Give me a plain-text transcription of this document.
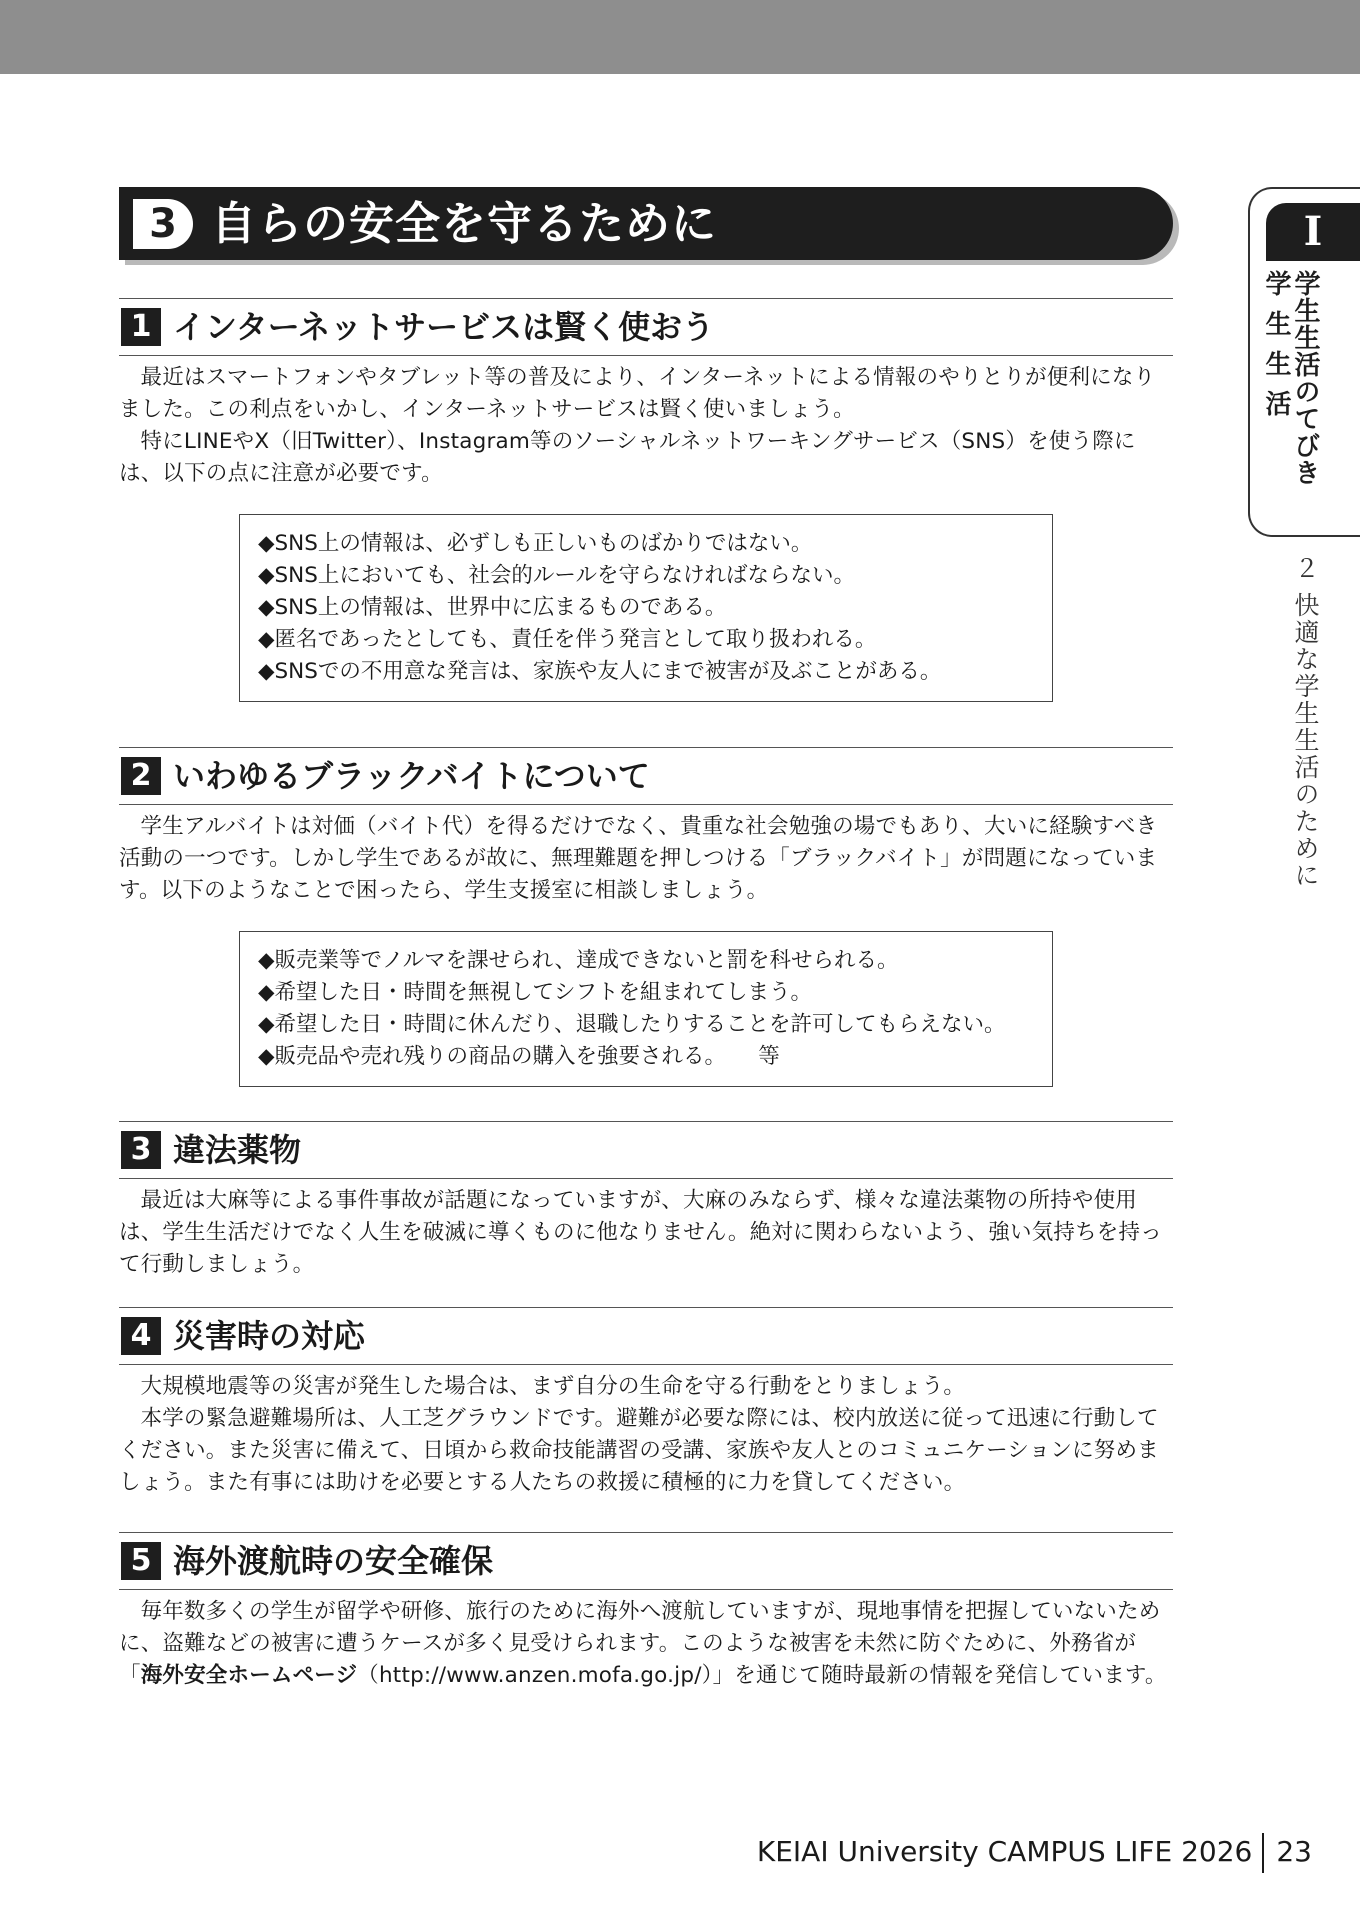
3 自らの安全を守るために	I
学生生活のてびき
学生生活
２ 快適な学生生活のために
1 インターネットサービスは賢く使おう

最近はスマートフォンやタブレット等の普及により、インターネットによる情報のやりとりが便利になりました。この利点をいかし、インターネットサービスは賢く使いましょう。

特にLINEやX（旧Twitter）、Instagram等のソーシャルネットワーキングサービス（SNS）を使う際には、以下の点に注意が必要です。

◆SNS上の情報は、必ずしも正しいものばかりではない。
◆SNS上においても、社会的ルールを守らなければならない。
◆SNS上の情報は、世界中に広まるものである。
◆匿名であったとしても、責任を伴う発言として取り扱われる。
◆SNSでの不用意な発言は、家族や友人にまで被害が及ぶことがある。
2 いわゆるブラックバイトについて

学生アルバイトは対価（バイト代）を得るだけでなく、貴重な社会勉強の場でもあり、大いに経験すべき活動の一つです。しかし学生であるが故に、無理難題を押しつける「ブラックバイト」が問題になっています。以下のようなことで困ったら、学生支援室に相談しましょう。

◆販売業等でノルマを課せられ、達成できないと罰を科せられる。
◆希望した日・時間を無視してシフトを組まれてしまう。
◆希望した日・時間に休んだり、退職したりすることを許可してもらえない。
◆販売品や売れ残りの商品の購入を強要される。　　等
3 違法薬物

最近は大麻等による事件事故が話題になっていますが、大麻のみならず、様々な違法薬物の所持や使用は、学生生活だけでなく人生を破滅に導くものに他なりません。絶対に関わらないよう、強い気持ちを持って行動しましょう。

4 災害時の対応

大規模地震等の災害が発生した場合は、まず自分の生命を守る行動をとりましょう。

本学の緊急避難場所は、人工芝グラウンドです。避難が必要な際には、校内放送に従って迅速に行動してください。また災害に備えて、日頃から救命技能講習の受講、家族や友人とのコミュニケーションに努めましょう。また有事には助けを必要とする人たちの救援に積極的に力を貸してください。

5 海外渡航時の安全確保

毎年数多くの学生が留学や研修、旅行のために海外へ渡航していますが、現地事情を把握していないために、盗難などの被害に遭うケースが多く見受けられます。このような被害を未然に防ぐために、外務省が「海外安全ホームページ（http://www.anzen.mofa.go.jp/）」を通じて随時最新の情報を発信しています。

KEIAI University CAMPUS LIFE 2026 23
